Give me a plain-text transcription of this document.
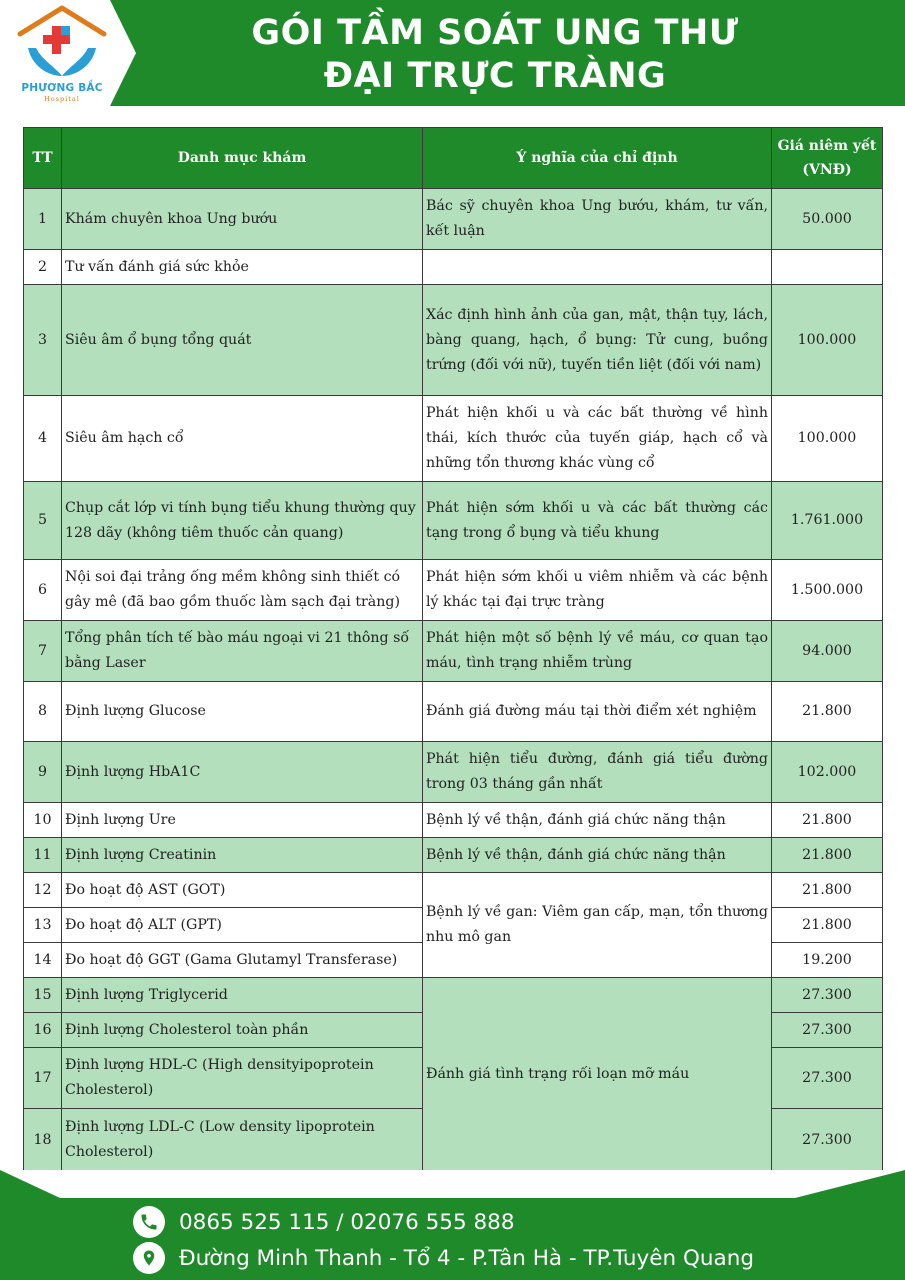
PHƯƠNG BẮC
Hospital
GÓI TẦM SOÁT UNG THƯ
ĐẠI TRỰC TRÀNG
TT	Danh mục khám	Ý nghĩa của chỉ định	Giá niêm yết (VNĐ)
1	Khám chuyên khoa Ung bướu	Bác sỹ chuyên khoa Ung bướu, khám, tư vấn, kết luận	50.000
2	Tư vấn đánh giá sức khỏe		
3	Siêu âm ổ bụng tổng quát	Xác định hình ảnh của gan, mật, thận tụy, lách, bàng quang, hạch, ổ bụng: Tử cung, buồng trứng (đối với nữ), tuyến tiền liệt (đối với nam)	100.000
4	Siêu âm hạch cổ	Phát hiện khối u và các bất thường về hình thái, kích thước của tuyến giáp, hạch cổ và những tổn thương khác vùng cổ	100.000
5	Chụp cắt lớp vi tính bụng tiểu khung thường quy 128 dãy (không tiêm thuốc cản quang)	Phát hiện sớm khối u và các bất thường các tạng trong ổ bụng và tiểu khung	1.761.000
6	Nội soi đại trảng ống mềm không sinh thiết có gây mê (đã bao gồm thuốc làm sạch đại tràng)	Phát hiện sớm khối u viêm nhiễm và các bệnh lý khác tại đại trực tràng	1.500.000
7	Tổng phân tích tế bào máu ngoại vi 21 thông số bằng Laser	Phát hiện một số bệnh lý về máu, cơ quan tạo máu, tình trạng nhiễm trùng	94.000
8	Định lượng Glucose	Đánh giá đường máu tại thời điểm xét nghiệm	21.800
9	Định lượng HbA1C	Phát hiện tiểu đường, đánh giá tiểu đường trong 03 tháng gần nhất	102.000
10	Định lượng Ure	Bệnh lý về thận, đánh giá chức năng thận	21.800
11	Định lượng Creatinin	Bệnh lý về thận, đánh giá chức năng thận	21.800
12	Đo hoạt độ AST (GOT)	Bệnh lý về gan: Viêm gan cấp, mạn, tổn thương nhu mô gan	21.800
13	Đo hoạt độ ALT (GPT)		21.800
14	Đo hoạt độ GGT (Gama Glutamyl Transferase)		19.200
15	Định lượng Triglycerid	Đánh giá tình trạng rối loạn mỡ máu	27.300
16	Định lượng Cholesterol toàn phần		27.300
17	Định lượng HDL-C (High densityipoprotein Cholesterol)		27.300
18	Định lượng LDL-C (Low density lipoprotein Cholesterol)		27.300
0865 525 115 / 02076 555 888
Đường Minh Thanh - Tổ 4 - P.Tân Hà - TP.Tuyên Quang
